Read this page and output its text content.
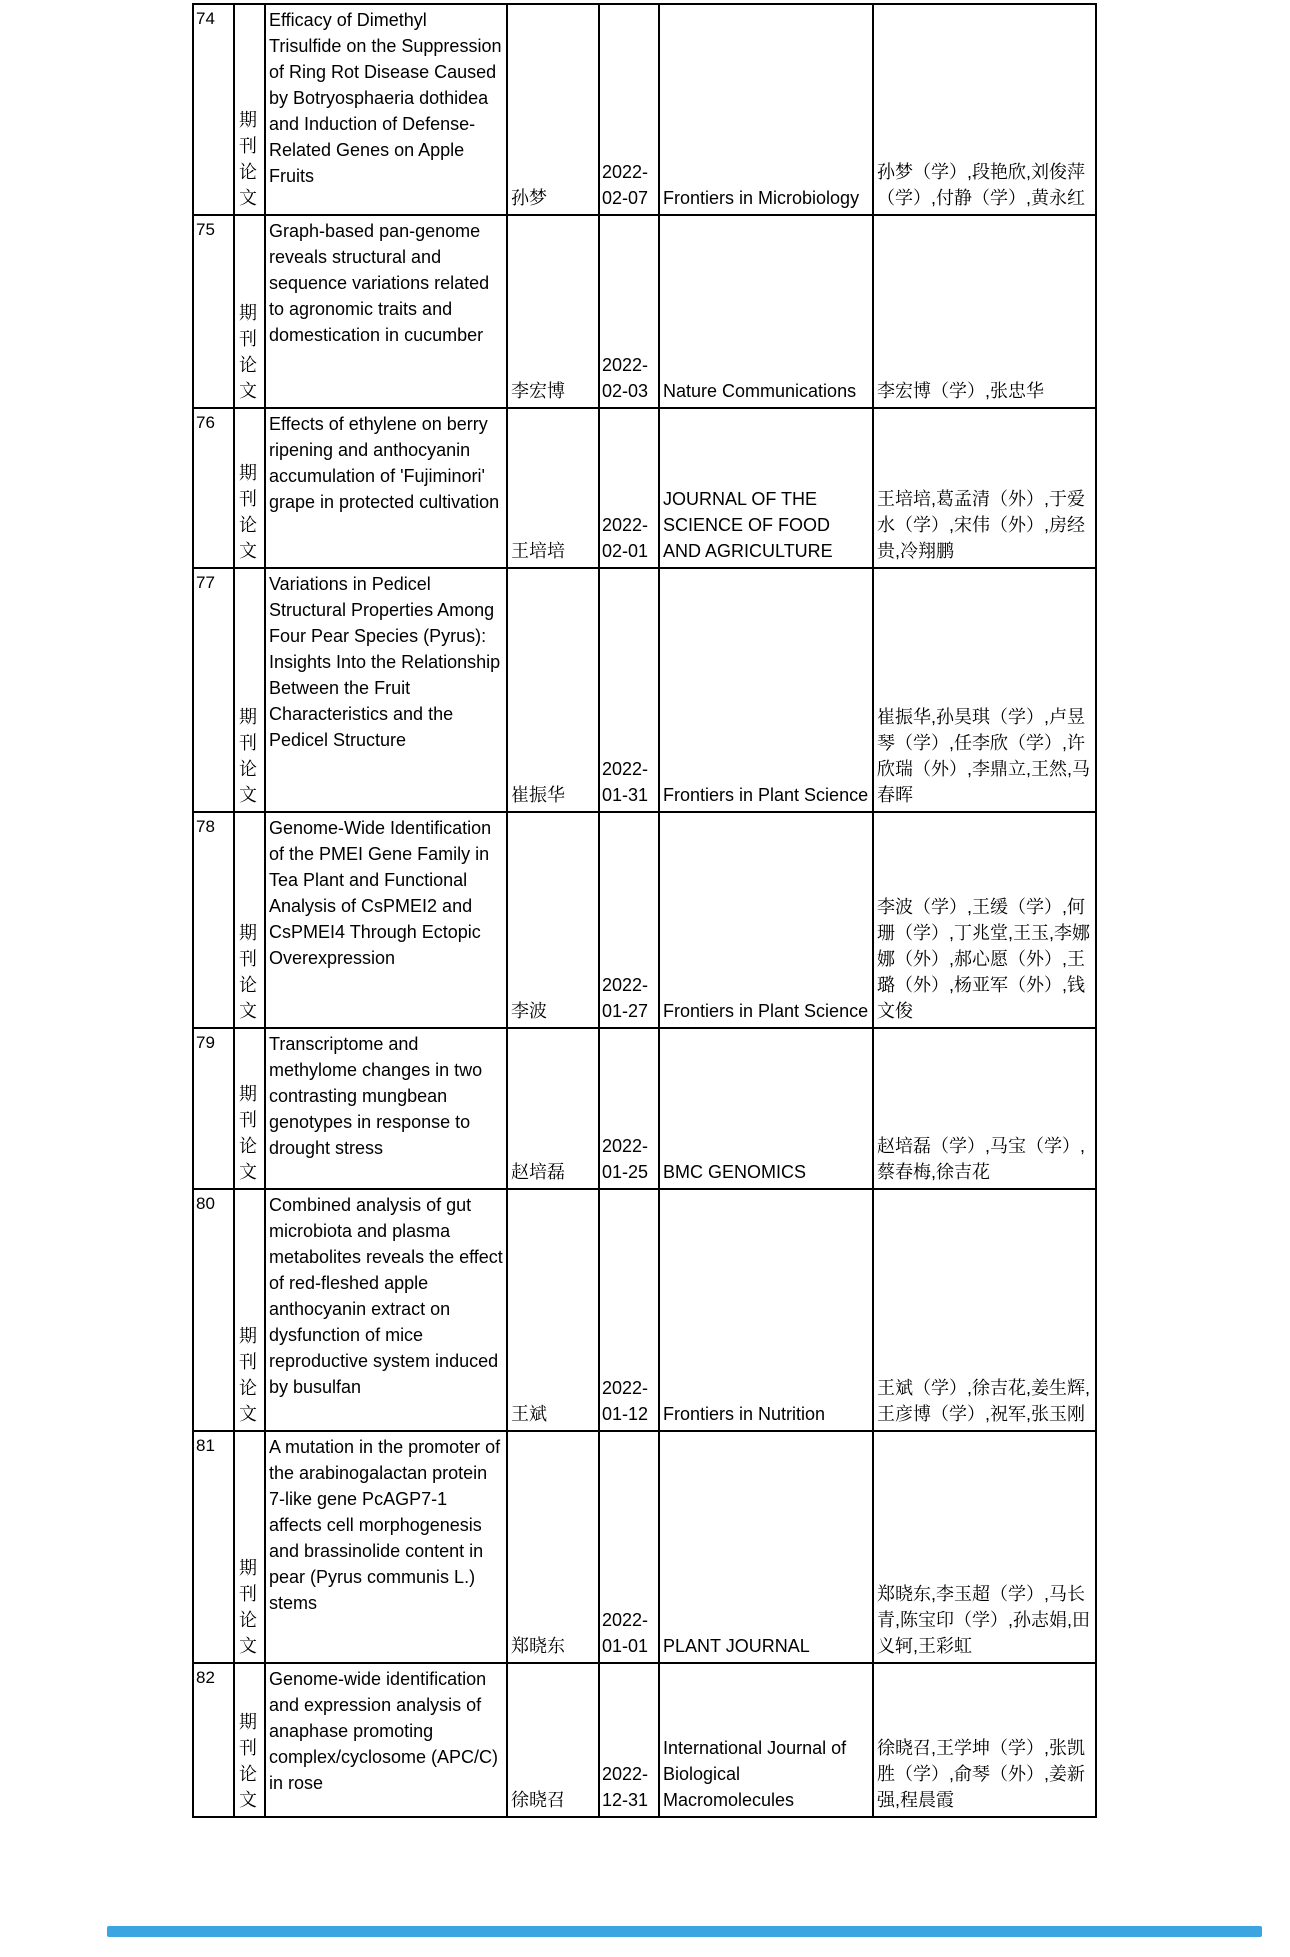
74	期刊论文	Efficacy of Dimethyl Trisulfide on the Suppression of Ring Rot Disease Caused by Botryosphaeria dothidea and Induction of Defense-Related Genes on Apple Fruits	孙梦	2022-02-07	Frontiers in Microbiology	孙梦（学）,段艳欣,刘俊萍（学）,付静（学）,黄永红
75	期刊论文	Graph-based pan-genome reveals structural and sequence variations related to agronomic traits and domestication in cucumber	李宏博	2022-02-03	Nature Communications	李宏博（学）,张忠华
76	期刊论文	Effects of ethylene on berry ripening and anthocyanin accumulation of 'Fujiminori' grape in protected cultivation	王培培	2022-02-01	JOURNAL OF THE SCIENCE OF FOOD AND AGRICULTURE	王培培,葛孟清（外）,于爱水（学）,宋伟（外）,房经贵,冷翔鹏
77	期刊论文	Variations in Pedicel Structural Properties Among Four Pear Species (Pyrus): Insights Into the Relationship Between the Fruit Characteristics and the Pedicel Structure	崔振华	2022-01-31	Frontiers in Plant Science	崔振华,孙昊琪（学）,卢昱琴（学）,任李欣（学）,许欣瑞（外）,李鼎立,王然,马春晖
78	期刊论文	Genome-Wide Identification of the PMEI Gene Family in Tea Plant and Functional Analysis of CsPMEI2 and CsPMEI4 Through Ectopic Overexpression	李波	2022-01-27	Frontiers in Plant Science	李波（学）,王缓（学）,何珊（学）,丁兆堂,王玉,李娜娜（外）,郝心愿（外）,王璐（外）,杨亚军（外）,钱文俊
79	期刊论文	Transcriptome and methylome changes in two contrasting mungbean genotypes in response to drought stress	赵培磊	2022-01-25	BMC GENOMICS	赵培磊（学）,马宝（学）,蔡春梅,徐吉花
80	期刊论文	Combined analysis of gut microbiota and plasma metabolites reveals the effect of red-fleshed apple anthocyanin extract on dysfunction of mice reproductive system induced by busulfan	王斌	2022-01-12	Frontiers in Nutrition	王斌（学）,徐吉花,姜生辉,王彦博（学）,祝军,张玉刚
81	期刊论文	A mutation in the promoter of the arabinogalactan protein 7-like gene PcAGP7-1 affects cell morphogenesis and brassinolide content in pear (Pyrus communis L.) stems	郑晓东	2022-01-01	PLANT JOURNAL	郑晓东,李玉超（学）,马长青,陈宝印（学）,孙志娟,田义轲,王彩虹
82	期刊论文	Genome-wide identification and expression analysis of anaphase promoting complex/cyclosome (APC/C) in rose	徐晓召	2022-12-31	International Journal of Biological Macromolecules	徐晓召,王学坤（学）,张凯胜（学）,俞琴（外）,姜新强,程晨霞
